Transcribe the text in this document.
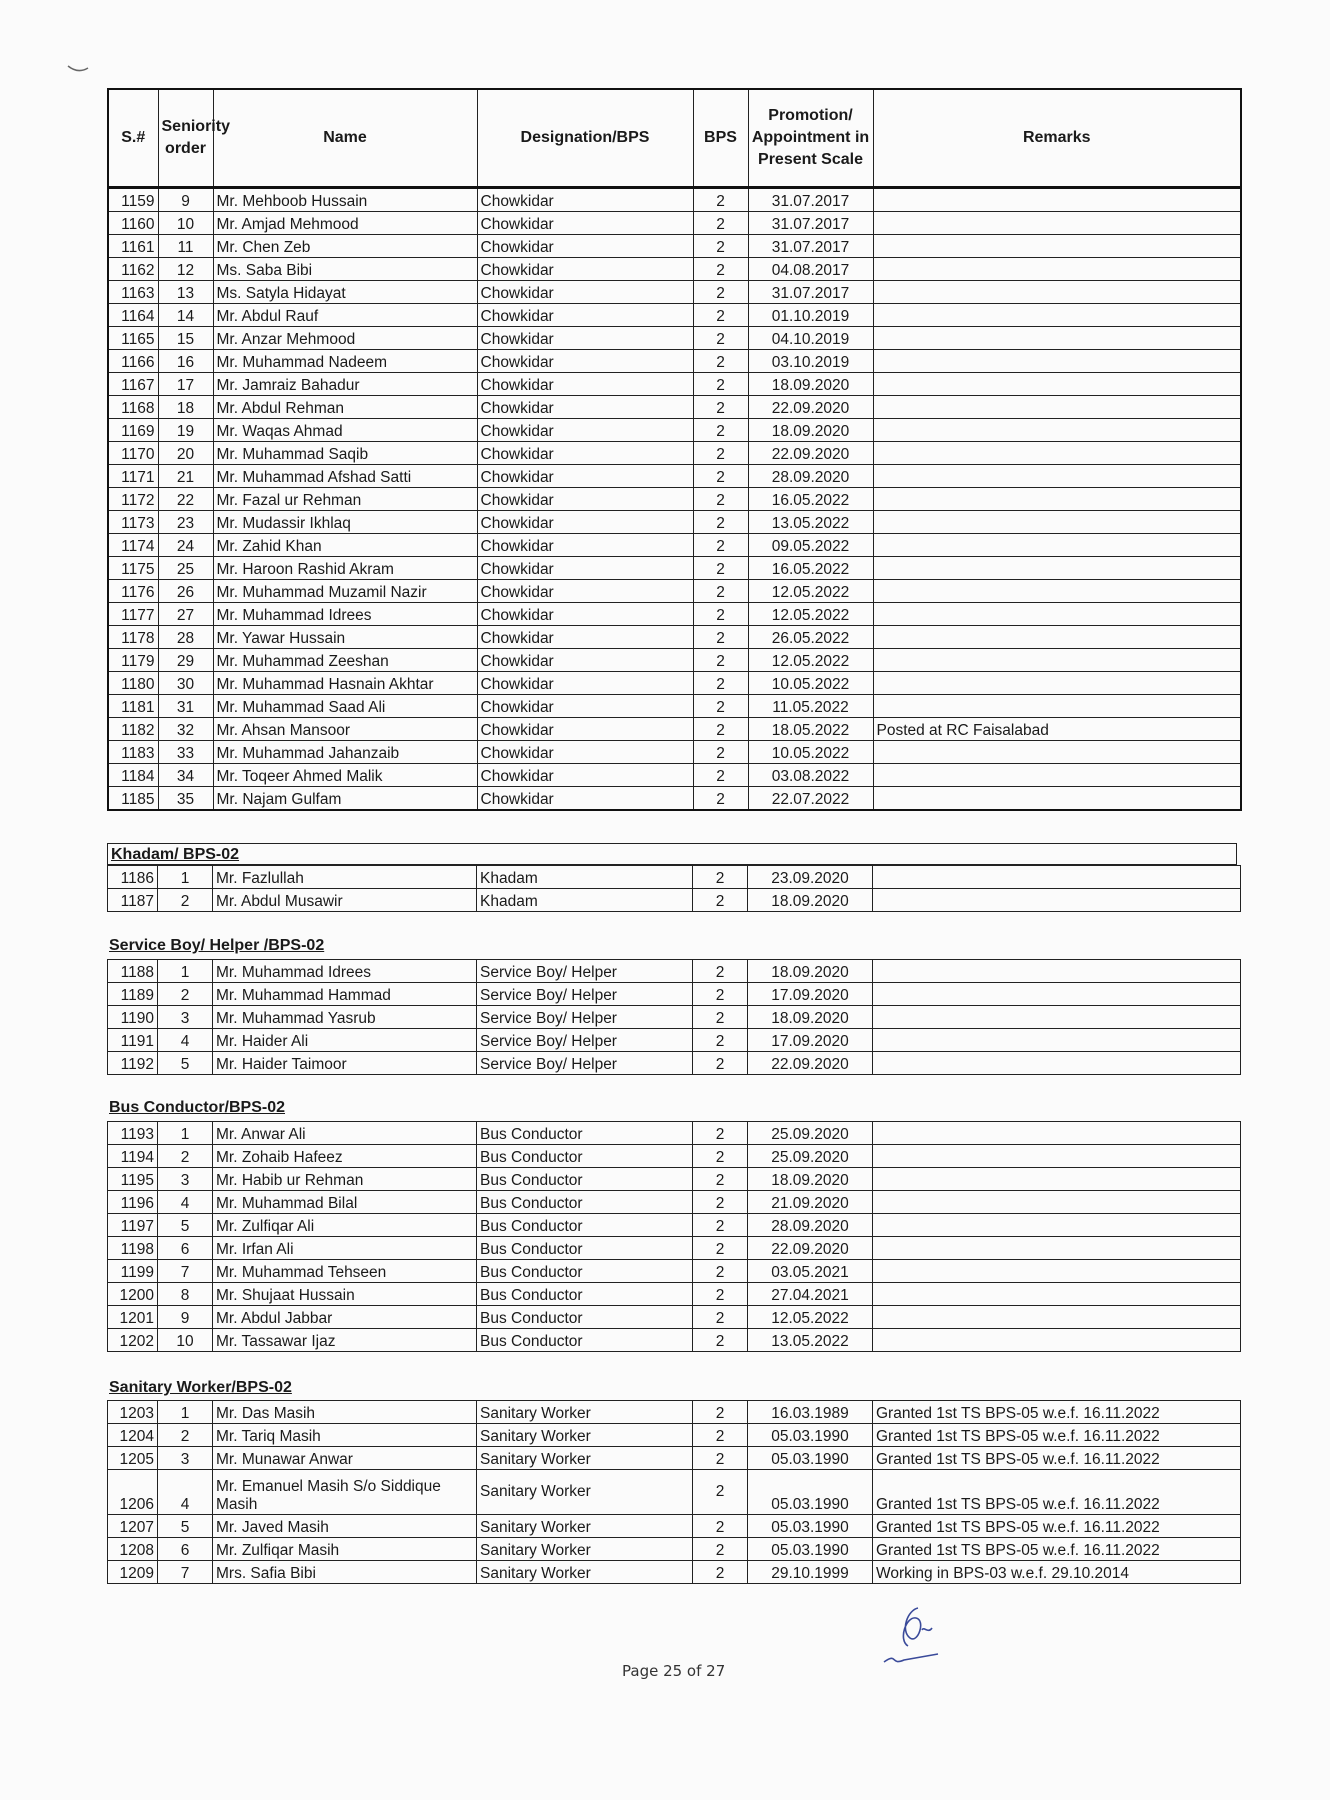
S.#	Seniority order	Name	Designation/BPS	BPS	Promotion/ Appointment in Present Scale	Remarks
1159	9	Mr. Mehboob Hussain	Chowkidar	2	31.07.2017	
1160	10	Mr. Amjad Mehmood	Chowkidar	2	31.07.2017	
1161	11	Mr. Chen Zeb	Chowkidar	2	31.07.2017	
1162	12	Ms. Saba Bibi	Chowkidar	2	04.08.2017	
1163	13	Ms. Satyla Hidayat	Chowkidar	2	31.07.2017	
1164	14	Mr. Abdul Rauf	Chowkidar	2	01.10.2019	
1165	15	Mr. Anzar Mehmood	Chowkidar	2	04.10.2019	
1166	16	Mr. Muhammad Nadeem	Chowkidar	2	03.10.2019	
1167	17	Mr. Jamraiz Bahadur	Chowkidar	2	18.09.2020	
1168	18	Mr. Abdul Rehman	Chowkidar	2	22.09.2020	
1169	19	Mr. Waqas Ahmad	Chowkidar	2	18.09.2020	
1170	20	Mr. Muhammad Saqib	Chowkidar	2	22.09.2020	
1171	21	Mr. Muhammad Afshad Satti	Chowkidar	2	28.09.2020	
1172	22	Mr. Fazal ur Rehman	Chowkidar	2	16.05.2022	
1173	23	Mr. Mudassir Ikhlaq	Chowkidar	2	13.05.2022	
1174	24	Mr. Zahid Khan	Chowkidar	2	09.05.2022	
1175	25	Mr. Haroon Rashid Akram	Chowkidar	2	16.05.2022	
1176	26	Mr. Muhammad Muzamil Nazir	Chowkidar	2	12.05.2022	
1177	27	Mr. Muhammad Idrees	Chowkidar	2	12.05.2022	
1178	28	Mr. Yawar Hussain	Chowkidar	2	26.05.2022	
1179	29	Mr. Muhammad Zeeshan	Chowkidar	2	12.05.2022	
1180	30	Mr. Muhammad Hasnain Akhtar	Chowkidar	2	10.05.2022	
1181	31	Mr. Muhammad Saad Ali	Chowkidar	2	11.05.2022	
1182	32	Mr. Ahsan Mansoor	Chowkidar	2	18.05.2022	Posted at RC Faisalabad
1183	33	Mr. Muhammad Jahanzaib	Chowkidar	2	10.05.2022	
1184	34	Mr. Toqeer Ahmed Malik	Chowkidar	2	03.08.2022	
1185	35	Mr. Najam Gulfam	Chowkidar	2	22.07.2022	
Khadam/ BPS-02
1186	1	Mr. Fazlullah	Khadam	2	23.09.2020	
1187	2	Mr. Abdul Musawir	Khadam	2	18.09.2020	
Service Boy/ Helper /BPS-02
1188	1	Mr. Muhammad Idrees	Service Boy/ Helper	2	18.09.2020	
1189	2	Mr. Muhammad Hammad	Service Boy/ Helper	2	17.09.2020	
1190	3	Mr. Muhammad Yasrub	Service Boy/ Helper	2	18.09.2020	
1191	4	Mr. Haider Ali	Service Boy/ Helper	2	17.09.2020	
1192	5	Mr. Haider Taimoor	Service Boy/ Helper	2	22.09.2020	
Bus Conductor/BPS-02
1193	1	Mr. Anwar Ali	Bus Conductor	2	25.09.2020	
1194	2	Mr. Zohaib Hafeez	Bus Conductor	2	25.09.2020	
1195	3	Mr. Habib ur Rehman	Bus Conductor	2	18.09.2020	
1196	4	Mr. Muhammad Bilal	Bus Conductor	2	21.09.2020	
1197	5	Mr. Zulfiqar Ali	Bus Conductor	2	28.09.2020	
1198	6	Mr. Irfan Ali	Bus Conductor	2	22.09.2020	
1199	7	Mr. Muhammad Tehseen	Bus Conductor	2	03.05.2021	
1200	8	Mr. Shujaat Hussain	Bus Conductor	2	27.04.2021	
1201	9	Mr. Abdul Jabbar	Bus Conductor	2	12.05.2022	
1202	10	Mr. Tassawar Ijaz	Bus Conductor	2	13.05.2022	
Sanitary Worker/BPS-02
1203	1	Mr. Das Masih	Sanitary Worker	2	16.03.1989	Granted 1st TS BPS-05 w.e.f. 16.11.2022
1204	2	Mr. Tariq Masih	Sanitary Worker	2	05.03.1990	Granted 1st TS BPS-05 w.e.f. 16.11.2022
1205	3	Mr. Munawar Anwar	Sanitary Worker	2	05.03.1990	Granted 1st TS BPS-05 w.e.f. 16.11.2022
1206	4	Mr. Emanuel Masih S/o Siddique Masih	Sanitary Worker	2	05.03.1990	Granted 1st TS BPS-05 w.e.f. 16.11.2022
1207	5	Mr. Javed Masih	Sanitary Worker	2	05.03.1990	Granted 1st TS BPS-05 w.e.f. 16.11.2022
1208	6	Mr. Zulfiqar Masih	Sanitary Worker	2	05.03.1990	Granted 1st TS BPS-05 w.e.f. 16.11.2022
1209	7	Mrs. Safia Bibi	Sanitary Worker	2	29.10.1999	Working in BPS-03 w.e.f. 29.10.2014
Page 25 of 27
